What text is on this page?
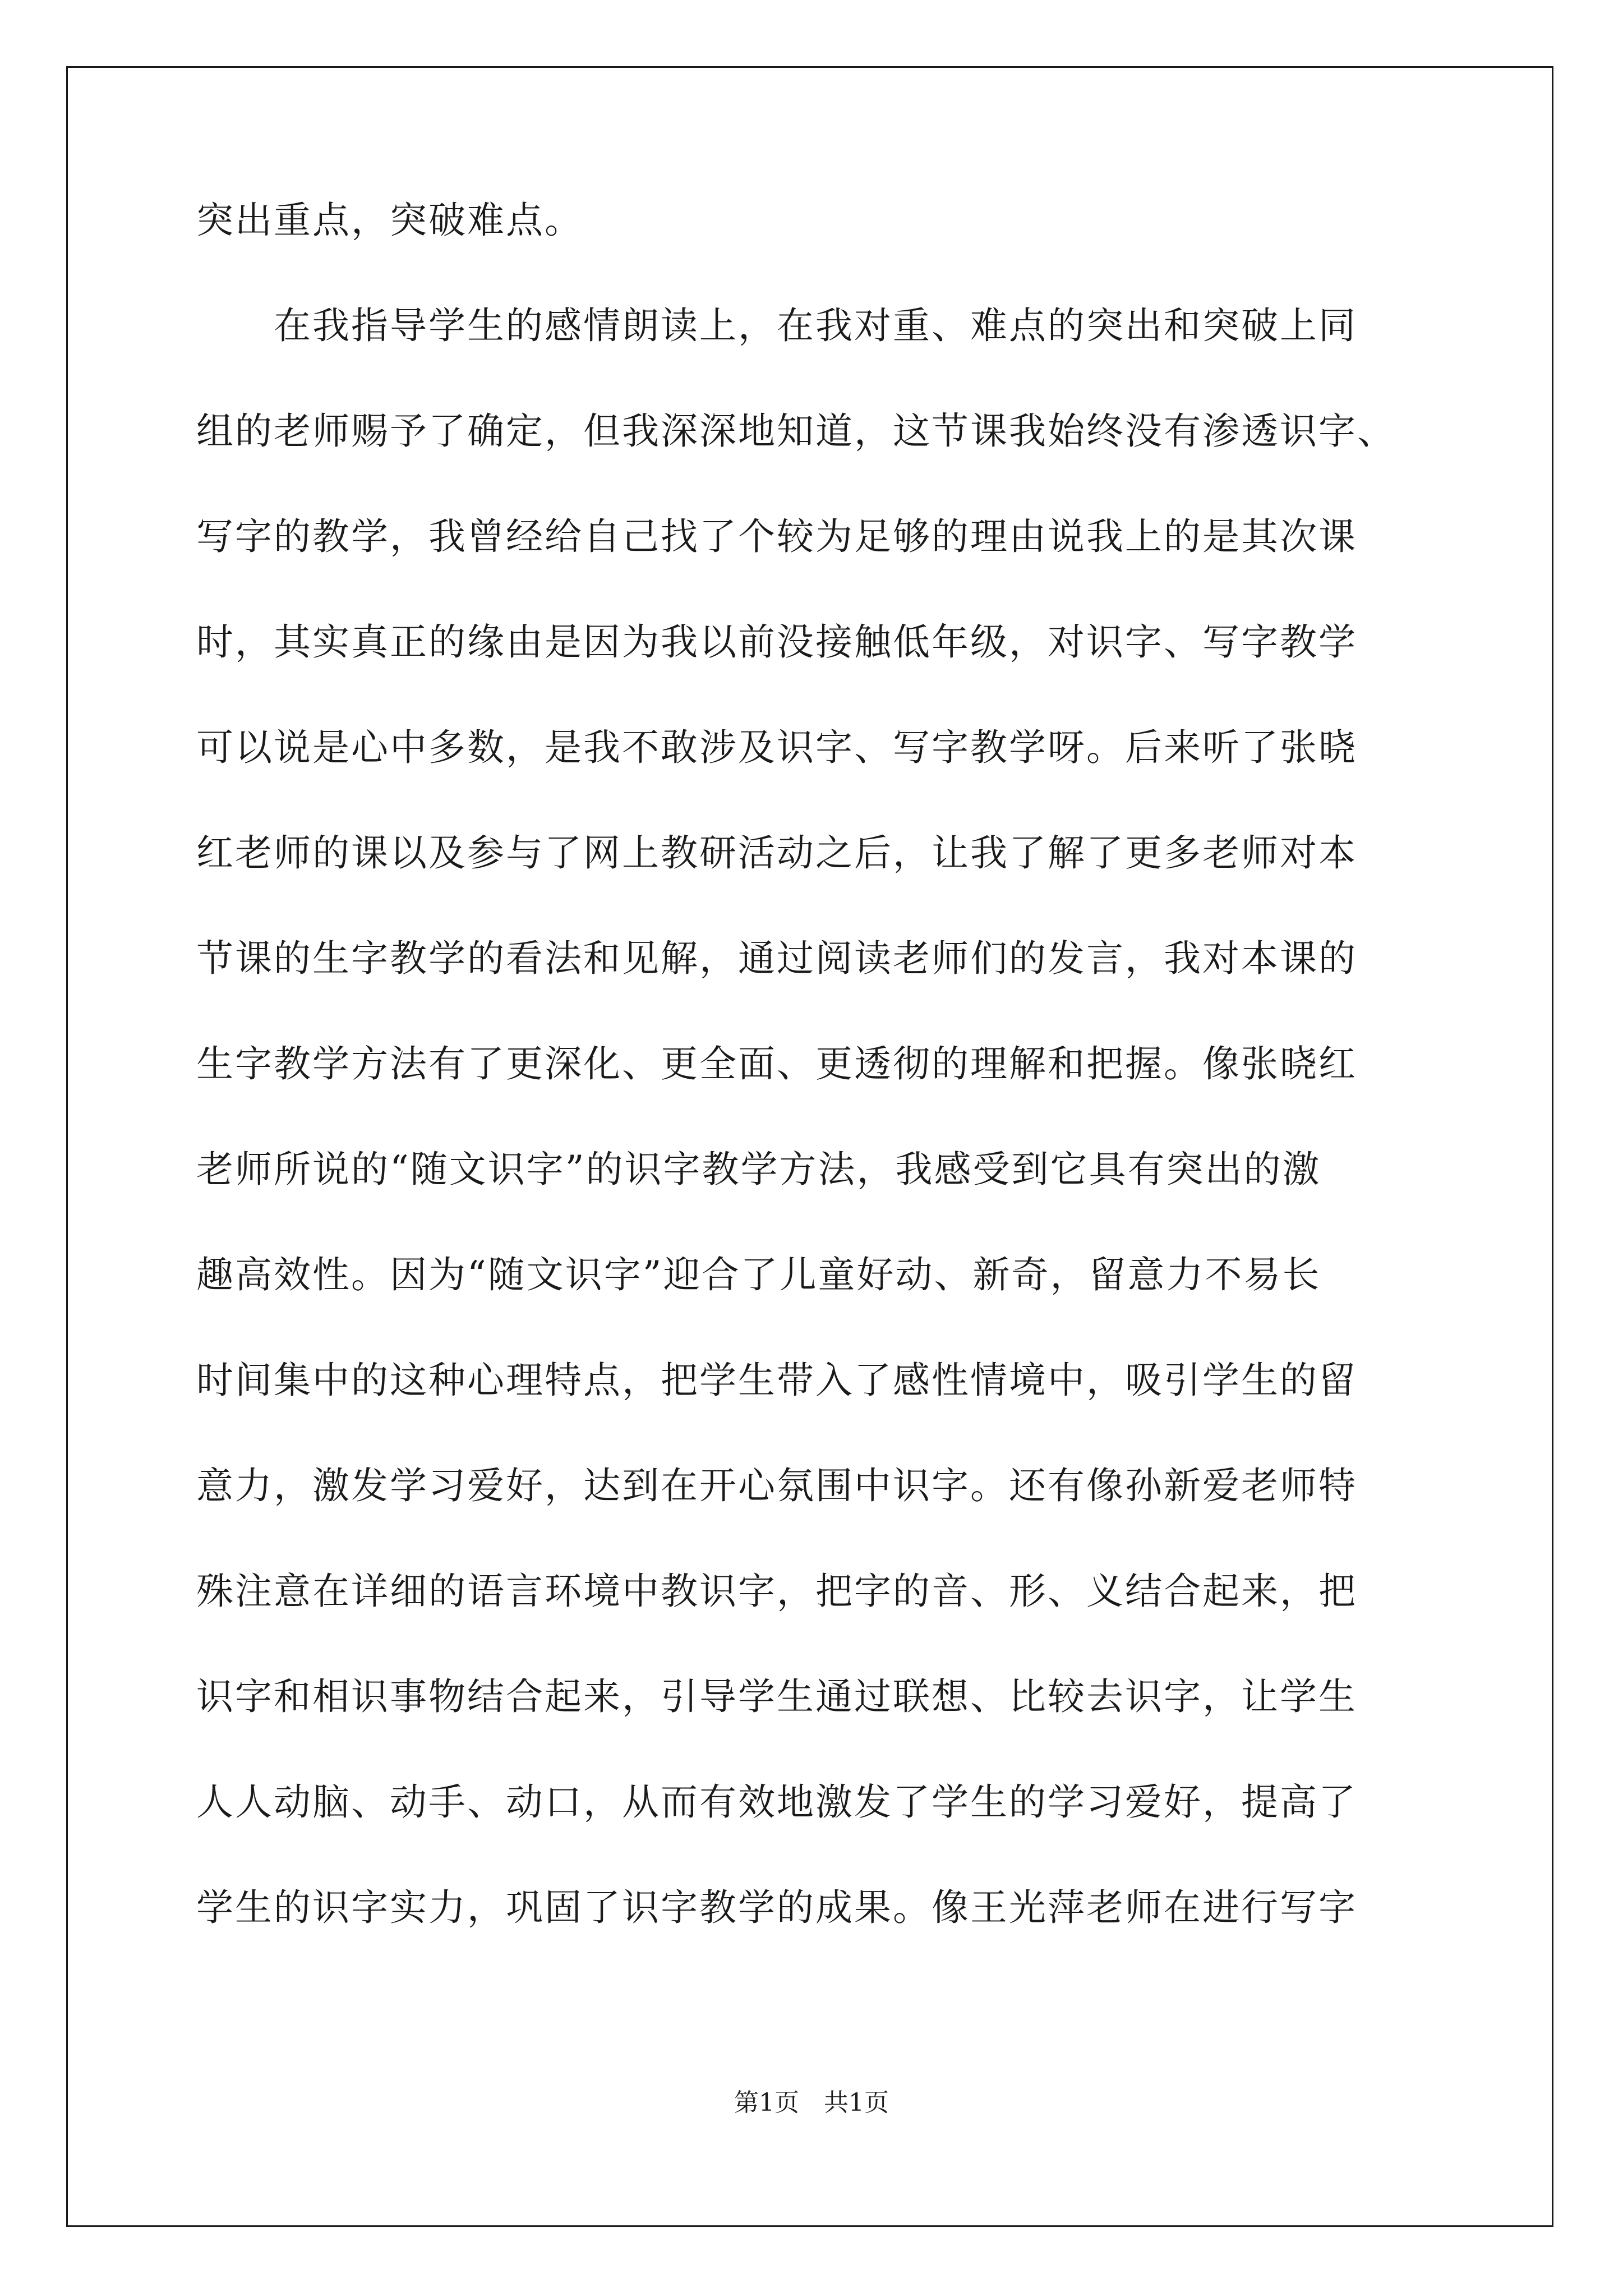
突出重点，突破难点。
　　在我指导学生的感情朗读上，在我对重、难点的突出和突破上同
组的老师赐予了确定，但我深深地知道，这节课我始终没有渗透识字、
写字的教学，我曾经给自己找了个较为足够的理由说我上的是其次课
时，其实真正的缘由是因为我以前没接触低年级，对识字、写字教学
可以说是心中多数，是我不敢涉及识字、写字教学呀。后来听了张晓
红老师的课以及参与了网上教研活动之后，让我了解了更多老师对本
节课的生字教学的看法和见解，通过阅读老师们的发言，我对本课的
生字教学方法有了更深化、更全面、更透彻的理解和把握。像张晓红
老师所说的“随文识字”的识字教学方法，我感受到它具有突出的激
趣高效性。因为“随文识字”迎合了儿童好动、新奇，留意力不易长
时间集中的这种心理特点，把学生带入了感性情境中，吸引学生的留
意力，激发学习爱好，达到在开心氛围中识字。还有像孙新爱老师特
殊注意在详细的语言环境中教识字，把字的音、形、义结合起来，把
识字和相识事物结合起来，引导学生通过联想、比较去识字，让学生
人人动脑、动手、动口，从而有效地激发了学生的学习爱好，提高了
学生的识字实力，巩固了识字教学的成果。像王光萍老师在进行写字
第1页 共1页
